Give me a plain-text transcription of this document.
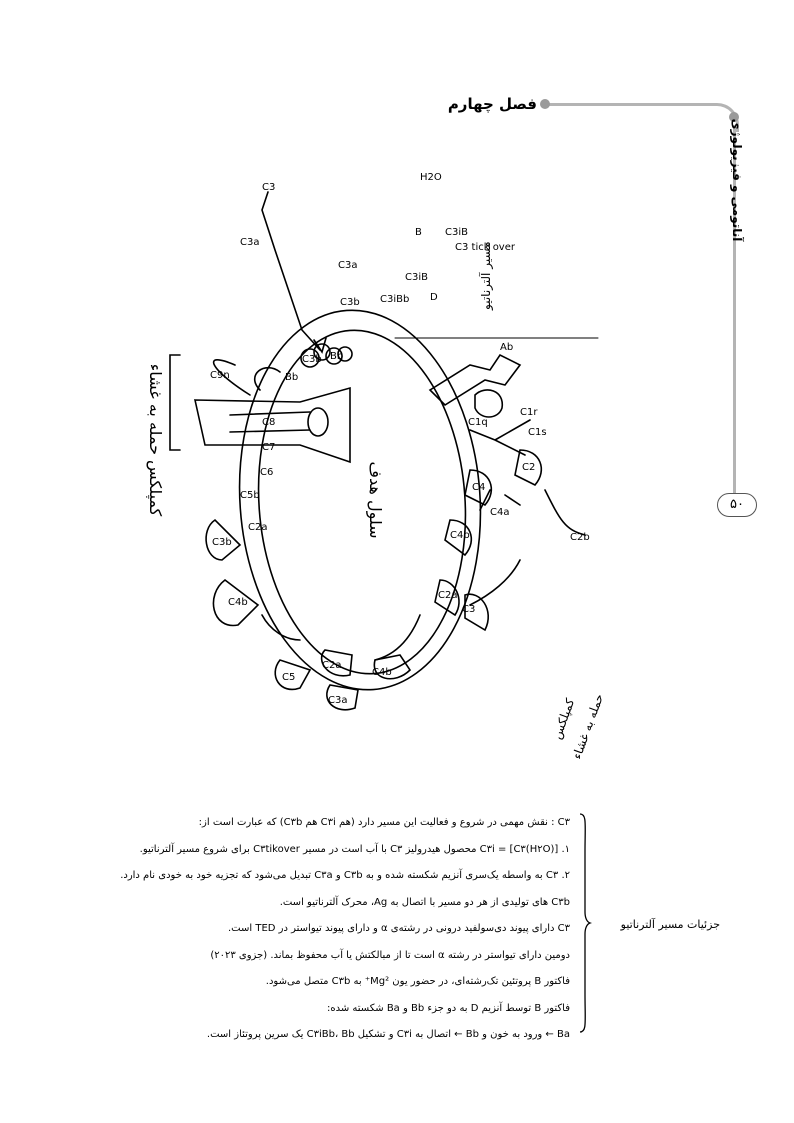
فصل چهارم
آناتومی و فیزیولوژی
۵۰
C3
C3a
C3a
C3b C3iBb
C3 tick over
H2O
B
D
C3iB
C3iB
C9n
C8
C7
C6
C5b
C2a
C3b
C4b
C5
C3a
C2a
C4b
C3
C2a
C4b
C4a
C2b
C1q
C1r
C1s
Ab
C4
C2
Bb
C3b Bb
سلول هدف
کمپلکس حمله به غشاء
کمپلکس
حمله به غشاء
مسیر آلترناتیو
C۳ : نقش مهمی در شروع و فعالیت این مسیر دارد (هم C۳i هم C۳b) که عبارت است از:
۱. C۳i = [C۳(H۲O)] محصول هیدرولیز C۳ با آب است در مسیر C۳tikover برای شروع مسیر آلترناتیو.
۲. C۳ به واسطه یک‌سری آنزیم شکسته شده و به C۳b و C۳a تبدیل می‌شود که تجزیه خود به خودی نام دارد.
C۳b های تولیدی از هر دو مسیر با اتصال به Ag، محرک آلترناتیو است.
C۳ دارای پیوند دی‌سولفید درونی در رشته‌ی α و دارای پیوند تیواستر در TED است.
دومین دارای تیواستر در رشته α است تا از مبالکتش یا آب محفوظ بماند. (جزوی ۲۰۲۳)
فاکتور B پروتئین تک‌رشته‌ای، در حضور یون Mg²⁺ به C۳b متصل می‌شود.
فاکتور B توسط آنزیم D به دو جزء Bb و Ba شکسته شده:
Ba ← ورود به خون و Bb ← اتصال به C۳i و تشکیل C۳iBb، Bb یک سرین پروتئاز است.
جزئیات مسیر آلترناتیو
